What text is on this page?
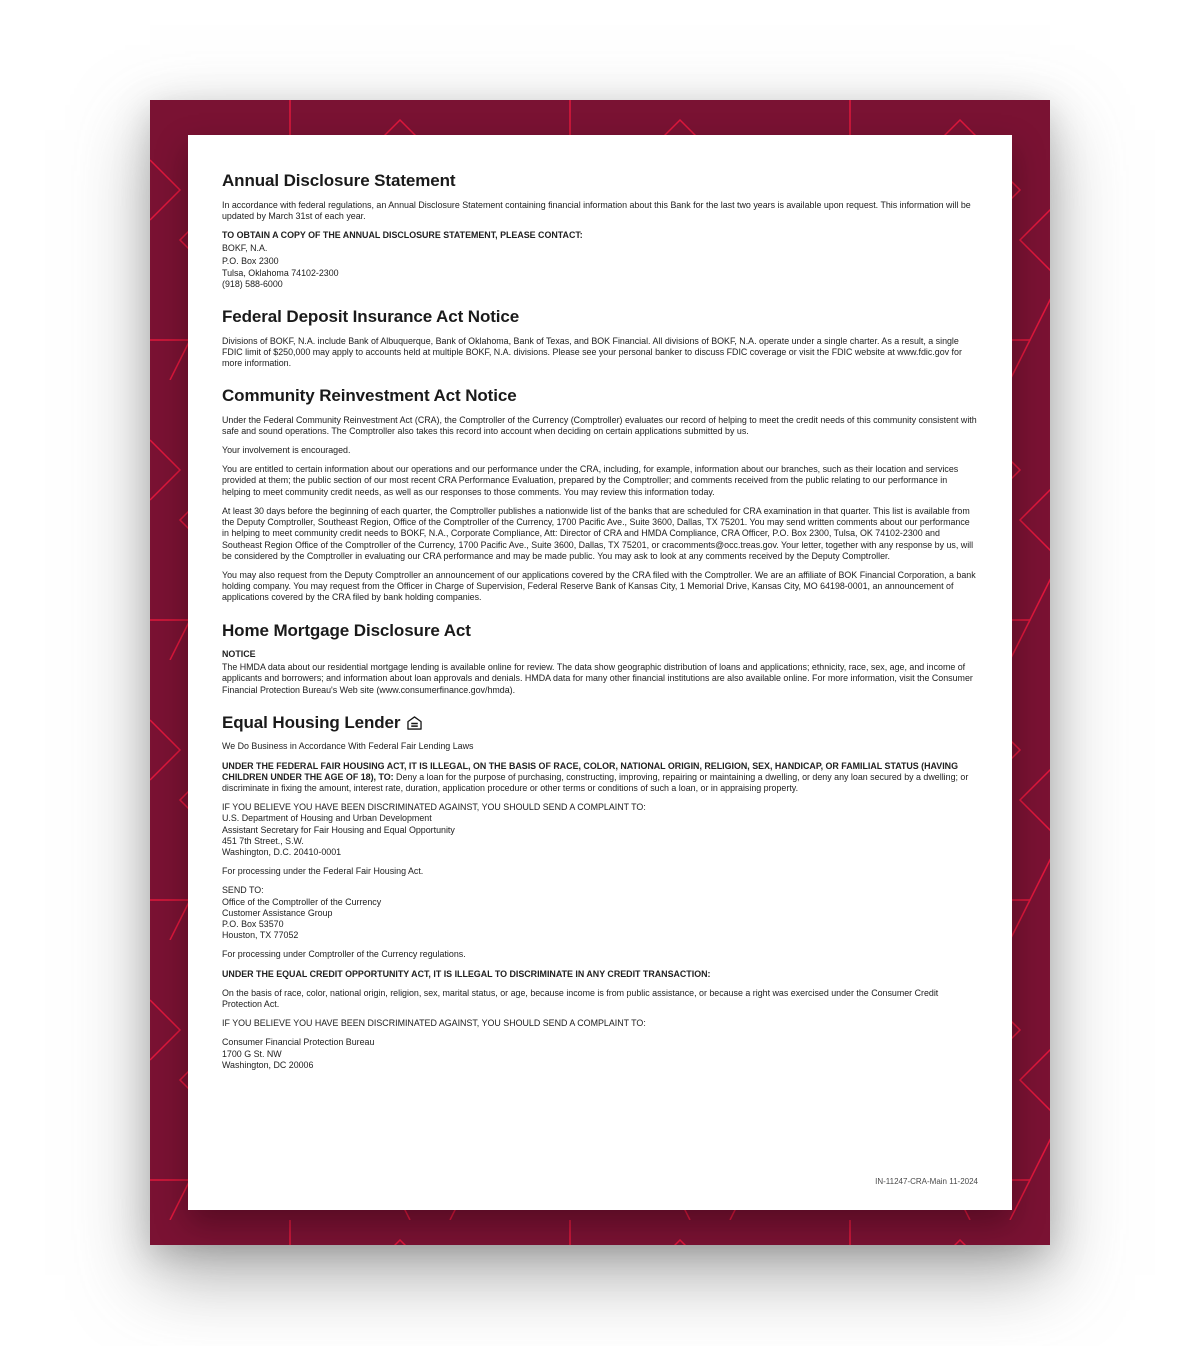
Annual Disclosure Statement

In accordance with federal regulations, an Annual Disclosure Statement containing financial information about this Bank for the last two years is available upon request. This information will be updated by March 31st of each year.

TO OBTAIN A COPY OF THE ANNUAL DISCLOSURE STATEMENT, PLEASE CONTACT:

BOKF, N.A.

P.O. Box 2300
Tulsa, Oklahoma 74102-2300
(918) 588-6000

Federal Deposit Insurance Act Notice

Divisions of BOKF, N.A. include Bank of Albuquerque, Bank of Oklahoma, Bank of Texas, and BOK Financial. All divisions of BOKF, N.A. operate under a single charter. As a result, a single FDIC limit of $250,000 may apply to accounts held at multiple BOKF, N.A. divisions. Please see your personal banker to discuss FDIC coverage or visit the FDIC website at www.fdic.gov for more information.

Community Reinvestment Act Notice

Under the Federal Community Reinvestment Act (CRA), the Comptroller of the Currency (Comptroller) evaluates our record of helping to meet the credit needs of this community consistent with safe and sound operations. The Comptroller also takes this record into account when deciding on certain applications submitted by us.

Your involvement is encouraged.

You are entitled to certain information about our operations and our performance under the CRA, including, for example, information about our branches, such as their location and services provided at them; the public section of our most recent CRA Performance Evaluation, prepared by the Comptroller; and comments received from the public relating to our performance in helping to meet community credit needs, as well as our responses to those comments. You may review this information today.

At least 30 days before the beginning of each quarter, the Comptroller publishes a nationwide list of the banks that are scheduled for CRA examination in that quarter. This list is available from the Deputy Comptroller, Southeast Region, Office of the Comptroller of the Currency, 1700 Pacific Ave., Suite 3600, Dallas, TX 75201. You may send written comments about our performance in helping to meet community credit needs to BOKF, N.A., Corporate Compliance, Att: Director of CRA and HMDA Compliance, CRA Officer, P.O. Box 2300, Tulsa, OK 74102-2300 and Southeast Region Office of the Comptroller of the Currency, 1700 Pacific Ave., Suite 3600, Dallas, TX 75201, or cracomments@occ.treas.gov. Your letter, together with any response by us, will be considered by the Comptroller in evaluating our CRA performance and may be made public. You may ask to look at any comments received by the Deputy Comptroller.

You may also request from the Deputy Comptroller an announcement of our applications covered by the CRA filed with the Comptroller. We are an affiliate of BOK Financial Corporation, a bank holding company. You may request from the Officer in Charge of Supervision, Federal Reserve Bank of Kansas City, 1 Memorial Drive, Kansas City, MO 64198-0001, an announcement of applications covered by the CRA filed by bank holding companies.

Home Mortgage Disclosure Act

NOTICE

The HMDA data about our residential mortgage lending is available online for review. The data show geographic distribution of loans and applications; ethnicity, race, sex, age, and income of applicants and borrowers; and information about loan approvals and denials. HMDA data for many other financial institutions are also available online. For more information, visit the Consumer Financial Protection Bureau's Web site (www.consumerfinance.gov/hmda).

Equal Housing Lender

We Do Business in Accordance With Federal Fair Lending Laws

UNDER THE FEDERAL FAIR HOUSING ACT, IT IS ILLEGAL, ON THE BASIS OF RACE, COLOR, NATIONAL ORIGIN, RELIGION, SEX, HANDICAP, OR FAMILIAL STATUS (HAVING CHILDREN UNDER THE AGE OF 18), TO: Deny a loan for the purpose of purchasing, constructing, improving, repairing or maintaining a dwelling, or deny any loan secured by a dwelling; or discriminate in fixing the amount, interest rate, duration, application procedure or other terms or conditions of such a loan, or in appraising property.

IF YOU BELIEVE YOU HAVE BEEN DISCRIMINATED AGAINST, YOU SHOULD SEND A COMPLAINT TO:
U.S. Department of Housing and Urban Development
Assistant Secretary for Fair Housing and Equal Opportunity
451 7th Street., S.W.
Washington, D.C. 20410-0001

For processing under the Federal Fair Housing Act.

SEND TO:
Office of the Comptroller of the Currency
Customer Assistance Group
P.O. Box 53570
Houston, TX 77052

For processing under Comptroller of the Currency regulations.

UNDER THE EQUAL CREDIT OPPORTUNITY ACT, IT IS ILLEGAL TO DISCRIMINATE IN ANY CREDIT TRANSACTION:

On the basis of race, color, national origin, religion, sex, marital status, or age, because income is from public assistance, or because a right was exercised under the Consumer Credit Protection Act.

IF YOU BELIEVE YOU HAVE BEEN DISCRIMINATED AGAINST, YOU SHOULD SEND A COMPLAINT TO:

Consumer Financial Protection Bureau
1700 G St. NW
Washington, DC 20006

IN-11247-CRA-Main 11-2024
